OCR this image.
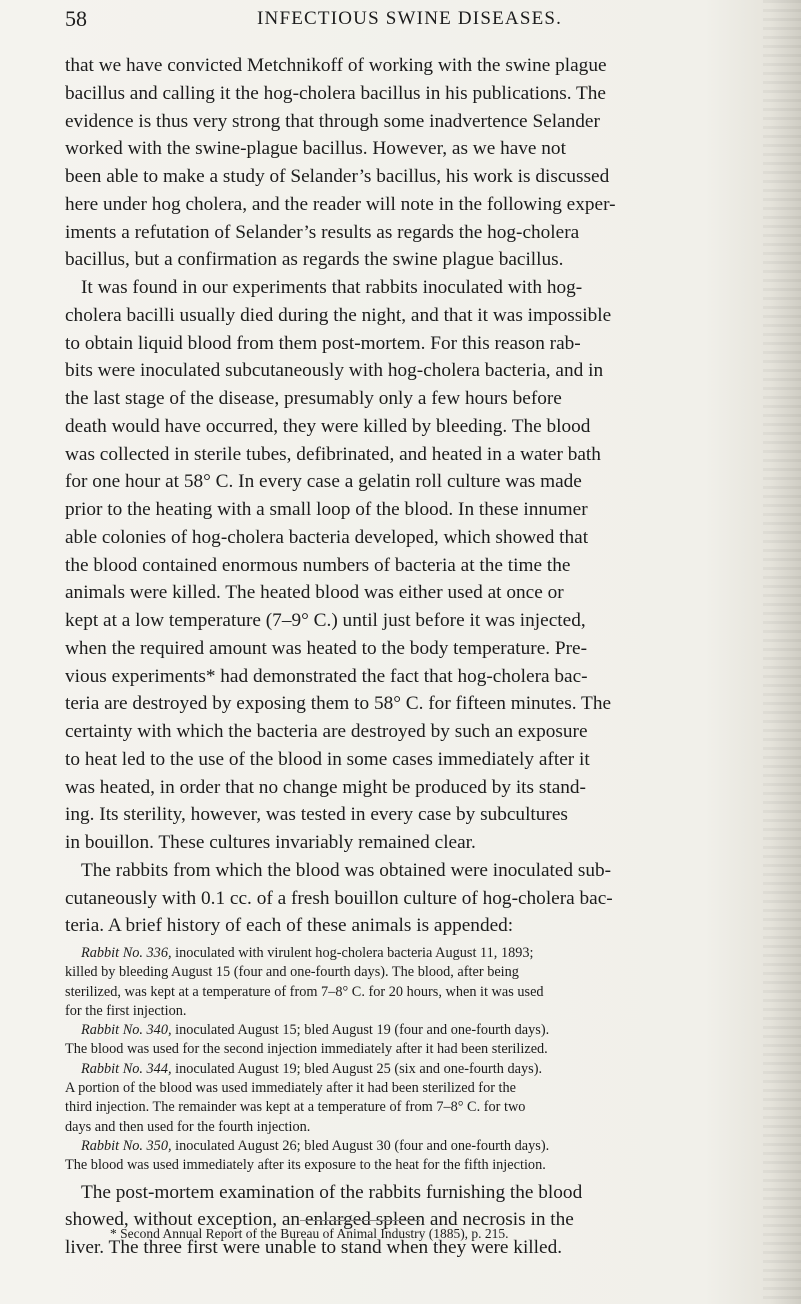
58	INFECTIOUS SWINE DISEASES.

that we have convicted Metchnikoff of working with the swine plague
bacillus and calling it the hog-cholera bacillus in his publications. The
evidence is thus very strong that through some inadvertence Selander
worked with the swine-plague bacillus. However, as we have not
been able to make a study of Selander’s bacillus, his work is discussed
here under hog cholera, and the reader will note in the following exper-
iments a refutation of Selander’s results as regards the hog-cholera
bacillus, but a confirmation as regards the swine plague bacillus.

It was found in our experiments that rabbits inoculated with hog-
cholera bacilli usually died during the night, and that it was impossible
to obtain liquid blood from them post-mortem. For this reason rab-
bits were inoculated subcutaneously with hog-cholera bacteria, and in
the last stage of the disease, presumably only a few hours before
death would have occurred, they were killed by bleeding. The blood
was collected in sterile tubes, defibrinated, and heated in a water bath
for one hour at 58° C. In every case a gelatin roll culture was made
prior to the heating with a small loop of the blood. In these innumer
able colonies of hog-cholera bacteria developed, which showed that
the blood contained enormous numbers of bacteria at the time the
animals were killed. The heated blood was either used at once or
kept at a low temperature (7–9° C.) until just before it was injected,
when the required amount was heated to the body temperature. Pre-
vious experiments* had demonstrated the fact that hog-cholera bac-
teria are destroyed by exposing them to 58° C. for fifteen minutes. The
certainty with which the bacteria are destroyed by such an exposure
to heat led to the use of the blood in some cases immediately after it
was heated, in order that no change might be produced by its stand-
ing. Its sterility, however, was tested in every case by subcultures
in bouillon. These cultures invariably remained clear.

The rabbits from which the blood was obtained were inoculated sub-
cutaneously with 0.1 cc. of a fresh bouillon culture of hog-cholera bac-
teria. A brief history of each of these animals is appended:

Rabbit No. 336, inoculated with virulent hog-cholera bacteria August 11, 1893;
killed by bleeding August 15 (four and one-fourth days). The blood, after being
sterilized, was kept at a temperature of from 7–8° C. for 20 hours, when it was used
for the first injection.
Rabbit No. 340, inoculated August 15; bled August 19 (four and one-fourth days).
The blood was used for the second injection immediately after it had been sterilized.
Rabbit No. 344, inoculated August 19; bled August 25 (six and one-fourth days).
A portion of the blood was used immediately after it had been sterilized for the
third injection. The remainder was kept at a temperature of from 7–8° C. for two
days and then used for the fourth injection.
Rabbit No. 350, inoculated August 26; bled August 30 (four and one-fourth days).
The blood was used immediately after its exposure to the heat for the fifth injection.

The post-mortem examination of the rabbits furnishing the blood
showed, without exception, an enlarged spleen and necrosis in the
liver. The three first were unable to stand when they were killed.

* Second Annual Report of the Bureau of Animal Industry (1885), p. 215.
